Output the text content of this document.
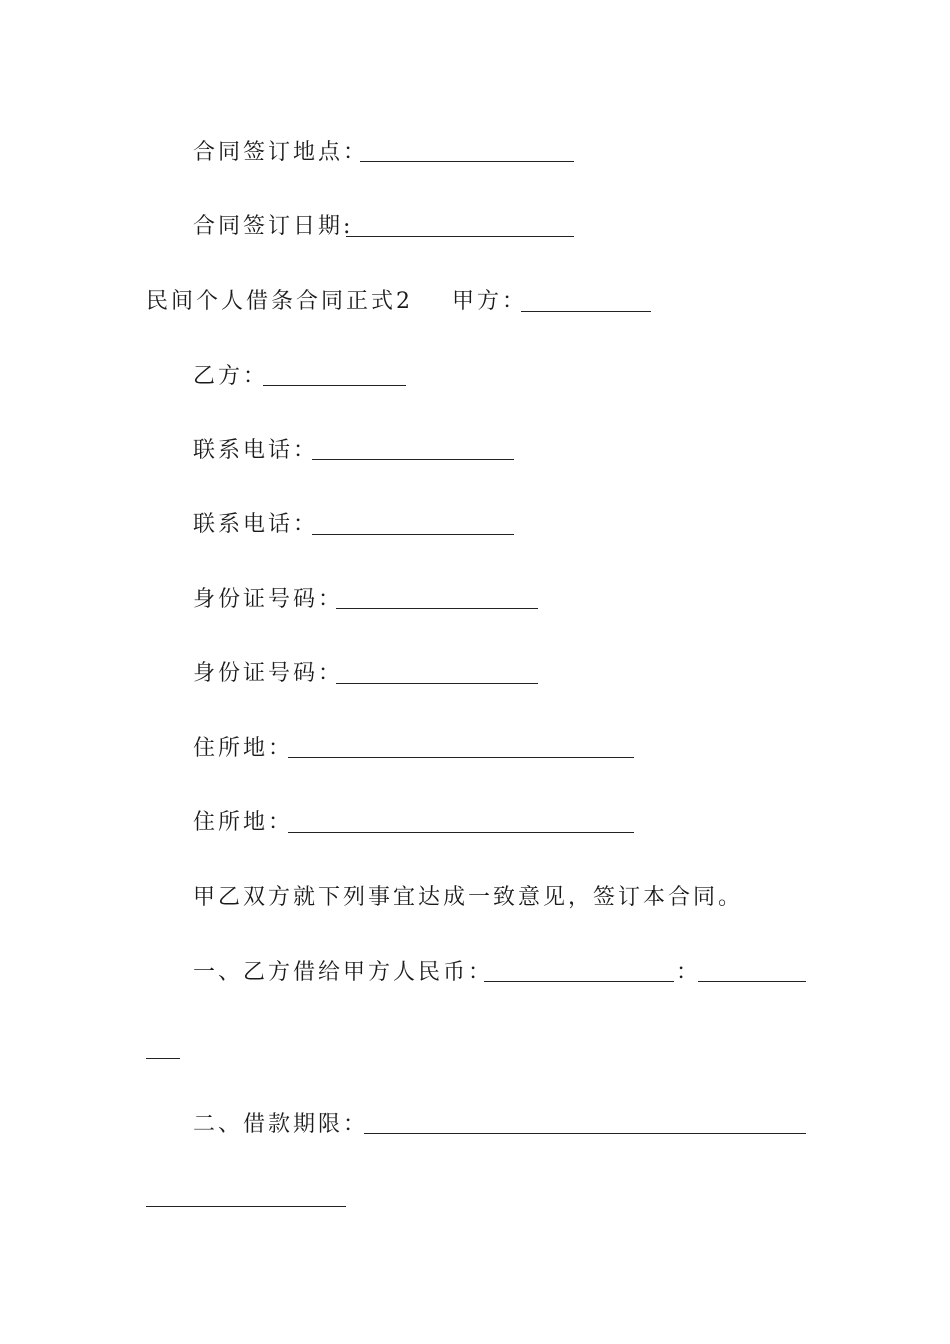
合同签订地点：
合同签订日期:
民间个人借条合同正式2 甲方：
乙方：
联系电话：
联系电话：
身份证号码：
身份证号码：
住所地：
住所地：
甲乙双方就下列事宜达成一致意见，签订本合同。
一、乙方借给甲方人民币：	：
二、借款期限：
